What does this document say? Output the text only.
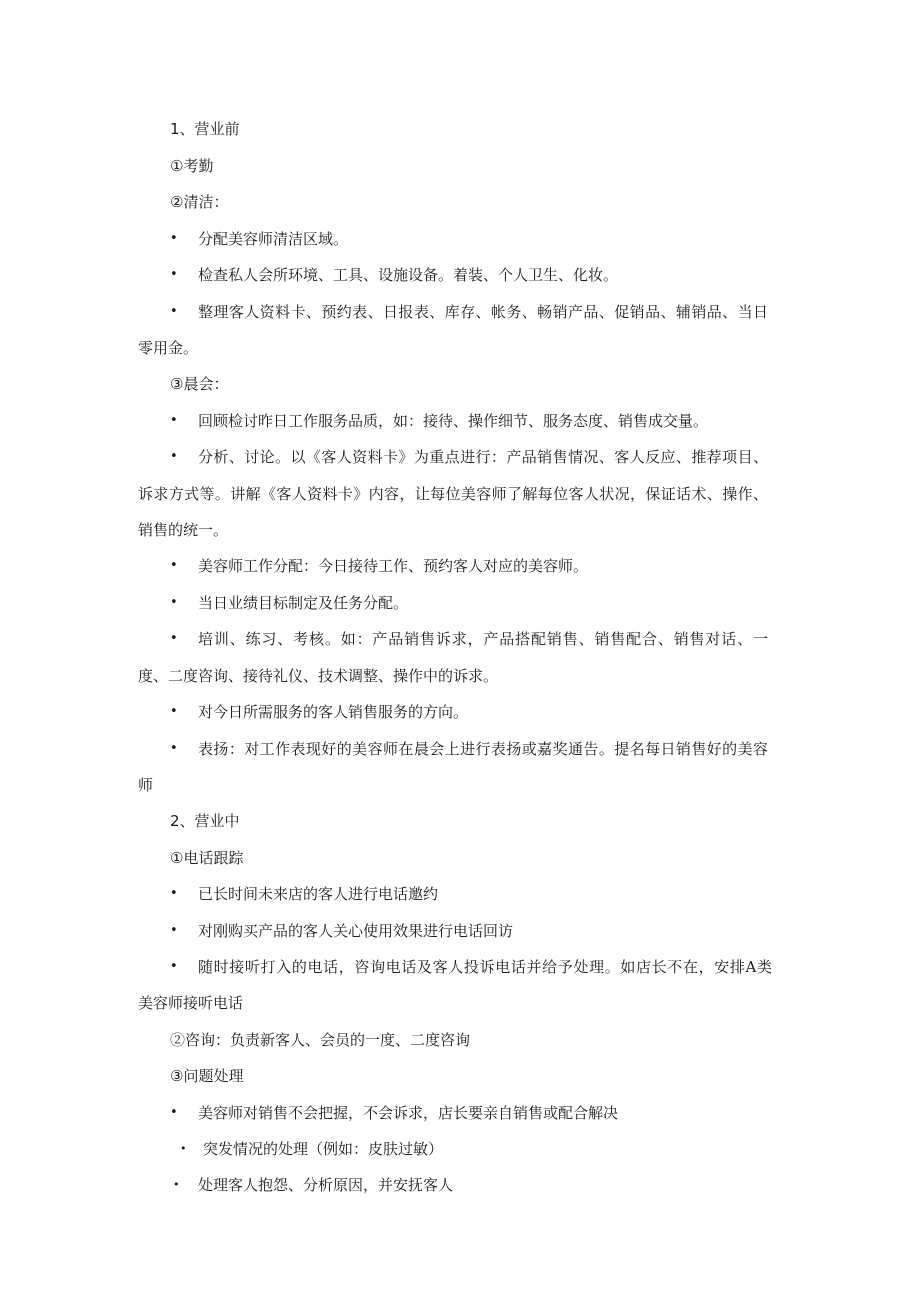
1、营业前
①考勤
②清洁：
• 分配美容师清洁区域。
• 检查私人会所环境、工具、设施设备。着装、个人卫生、化妆。
• 整理客人资料卡、预约表、日报表、库存、帐务、畅销产品、促销品、辅销品、当日
零用金。
③晨会：
• 回顾检讨昨日工作服务品质，如：接待、操作细节、服务态度、销售成交量。
• 分析、讨论。以《客人资料卡》为重点进行：产品销售情况、客人反应、推荐项目、
诉求方式等。讲解《客人资料卡》内容，让每位美容师了解每位客人状况，保证话术、操作、
销售的统一。
• 美容师工作分配：今日接待工作、预约客人对应的美容师。
• 当日业绩目标制定及任务分配。
• 培训、练习、考核。如：产品销售诉求，产品搭配销售、销售配合、销售对话、一
度、二度咨询、接待礼仪、技术调整、操作中的诉求。
• 对今日所需服务的客人销售服务的方向。
• 表扬：对工作表现好的美容师在晨会上进行表扬或嘉奖通告。提名每日销售好的美容
师
2、营业中
①电话跟踪
• 已长时间未来店的客人进行电话邀约
• 对刚购买产品的客人关心使用效果进行电话回访
• 随时接听打入的电话，咨询电话及客人投诉电话并给予处理。如店长不在，安排A类
美容师接听电话
②咨询：负责新客人、会员的一度、二度咨询
③问题处理
• 美容师对销售不会把握，不会诉求，店长要亲自销售或配合解决
• 突发情况的处理（例如：皮肤过敏）
• 处理客人抱怨、分析原因，并安抚客人
